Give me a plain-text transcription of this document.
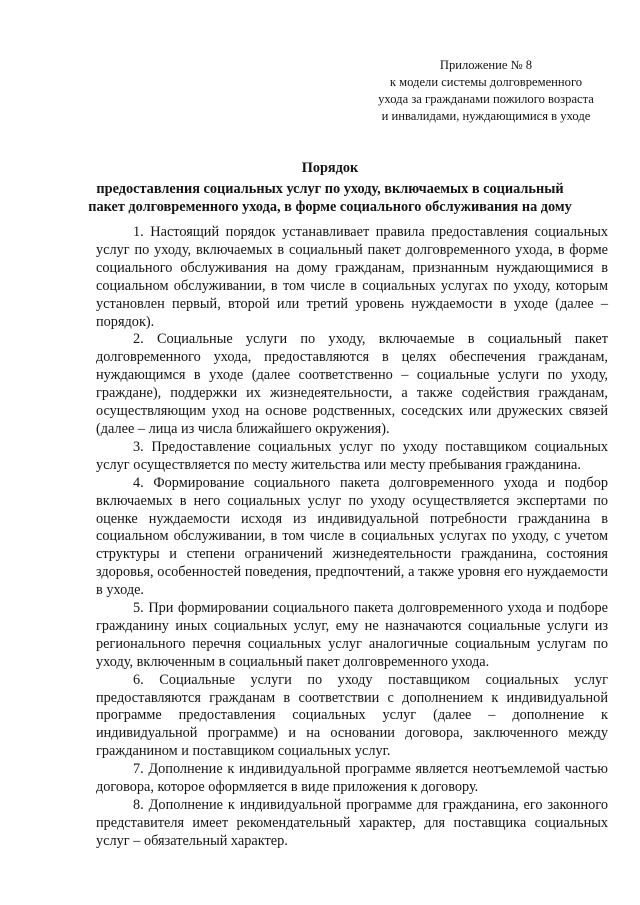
Приложение № 8
к модели системы долговременного
ухода за гражданами пожилого возраста
и инвалидами, нуждающимися в уходе
Порядок
предоставления социальных услуг по уходу, включаемых в социальный
пакет долговременного ухода, в форме социального обслуживания на дому

1. Настоящий порядок устанавливает правила предоставления социальных услуг по уходу, включаемых в социальный пакет долговременного ухода, в форме социального обслуживания на дому гражданам, признанным нуждающимися в социальном обслуживании, в том числе в социальных услугах по уходу, которым установлен первый, второй или третий уровень нуждаемости в уходе (далее – порядок).

2. Социальные услуги по уходу, включаемые в социальный пакет долговременного ухода, предоставляются в целях обеспечения гражданам, нуждающимся в уходе (далее соответственно – социальные услуги по уходу, граждане), поддержки их жизнедеятельности, а также содействия гражданам, осуществляющим уход на основе родственных, соседских или дружеских связей (далее – лица из числа ближайшего окружения).

3. Предоставление социальных услуг по уходу поставщиком социальных услуг осуществляется по месту жительства или месту пребывания гражданина.

4. Формирование социального пакета долговременного ухода и подбор включаемых в него социальных услуг по уходу осуществляется экспертами по оценке нуждаемости исходя из индивидуальной потребности гражданина в социальном обслуживании, в том числе в социальных услугах по уходу, с учетом структуры и степени ограничений жизнедеятельности гражданина, состояния здоровья, особенностей поведения, предпочтений, а также уровня его нуждаемости в уходе.

5. При формировании социального пакета долговременного ухода и подборе гражданину иных социальных услуг, ему не назначаются социальные услуги из регионального перечня социальных услуг аналогичные социальным услугам по уходу, включенным в социальный пакет долговременного ухода.

6. Социальные услуги по уходу поставщиком социальных услуг предоставляются гражданам в соответствии с дополнением к индивидуальной программе предоставления социальных услуг (далее – дополнение к индивидуальной программе) и на основании договора, заключенного между гражданином и поставщиком социальных услуг.

7. Дополнение к индивидуальной программе является неотъемлемой частью договора, которое оформляется в виде приложения к договору.

8. Дополнение к индивидуальной программе для гражданина, его законного представителя имеет рекомендательный характер, для поставщика социальных услуг – обязательный характер.
